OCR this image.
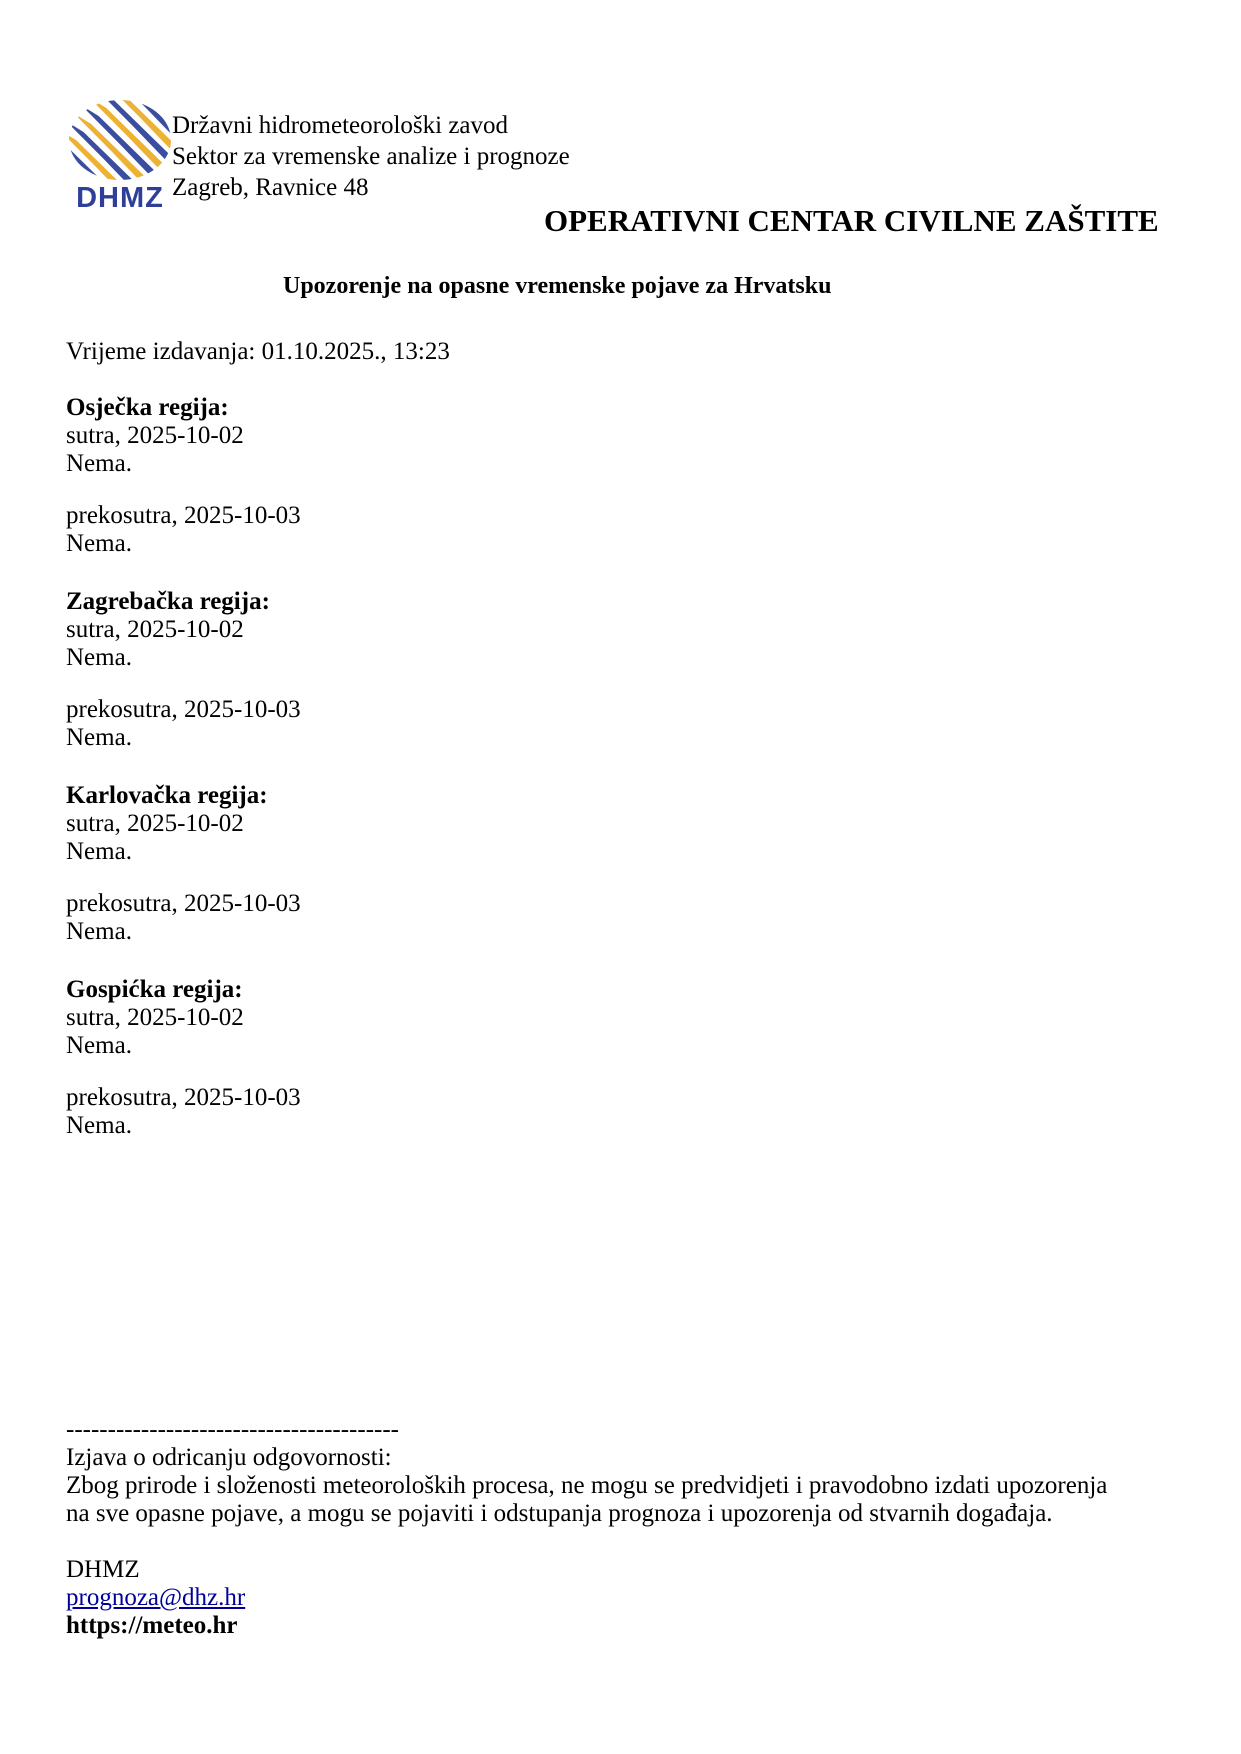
DHMZ
Državni hidrometeorološki zavod
Sektor za vremenske analize i prognoze
Zagreb, Ravnice 48
OPERATIVNI CENTAR CIVILNE ZAŠTITE
Upozorenje na opasne vremenske pojave za Hrvatsku
Vrijeme izdavanja: 01.10.2025., 13:23
Osječka regija:
sutra, 2025-10-02
Nema.
prekosutra, 2025-10-03
Nema.
Zagrebačka regija:
sutra, 2025-10-02
Nema.
prekosutra, 2025-10-03
Nema.
Karlovačka regija:
sutra, 2025-10-02
Nema.
prekosutra, 2025-10-03
Nema.
Gospićka regija:
sutra, 2025-10-02
Nema.
prekosutra, 2025-10-03
Nema.
----------------------------------------
Izjava o odricanju odgovornosti:
Zbog prirode i složenosti meteoroloških procesa, ne mogu se predvidjeti i pravodobno izdati upozorenja
na sve opasne pojave, a mogu se pojaviti i odstupanja prognoza i upozorenja od stvarnih događaja.
DHMZ
prognoza@dhz.hr
https://meteo.hr
